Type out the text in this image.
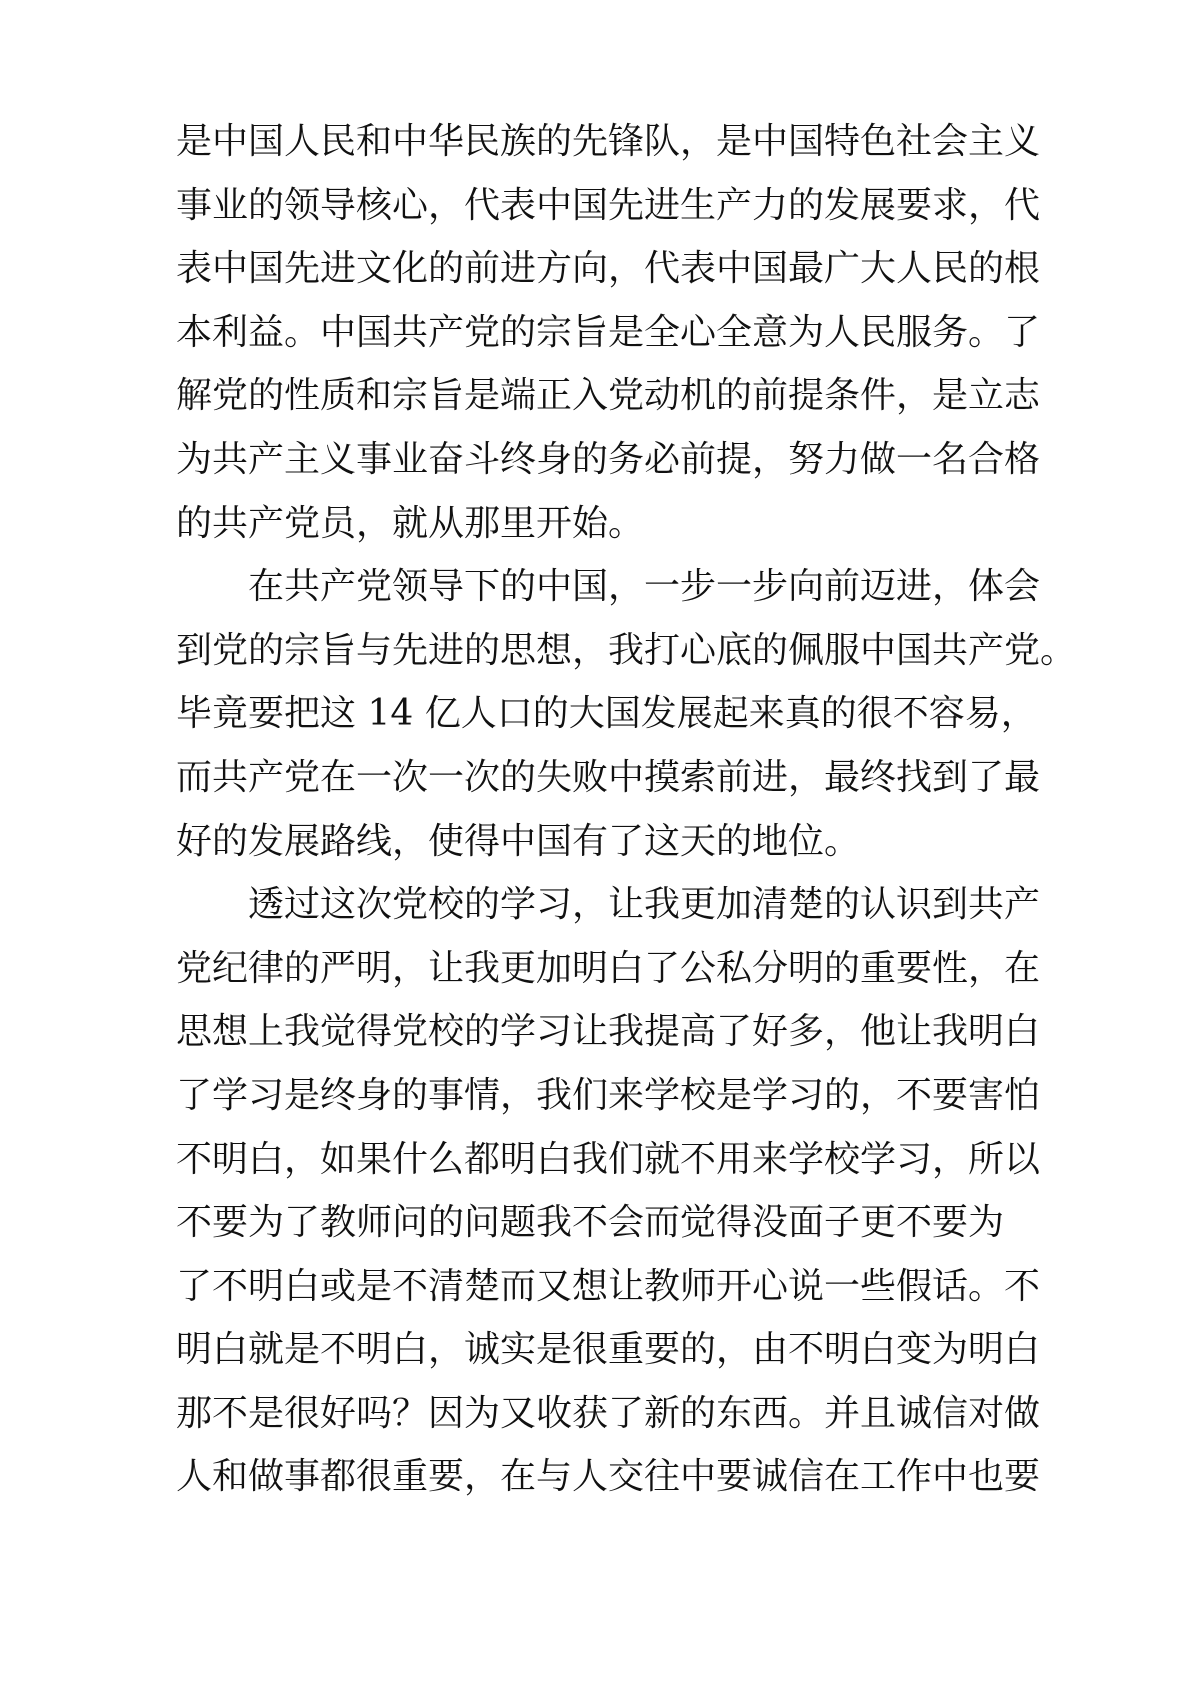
是中国人民和中华民族的先锋队，是中国特色社会主义
事业的领导核心，代表中国先进生产力的发展要求，代
表中国先进文化的前进方向，代表中国最广大人民的根
本利益。中国共产党的宗旨是全心全意为人民服务。了
解党的性质和宗旨是端正入党动机的前提条件，是立志
为共产主义事业奋斗终身的务必前提，努力做一名合格
的共产党员，就从那里开始。
在共产党领导下的中国，一步一步向前迈进，体会
到党的宗旨与先进的思想，我打心底的佩服中国共产党。
毕竟要把这 14 亿人口的大国发展起来真的很不容易，
而共产党在一次一次的失败中摸索前进，最终找到了最
好的发展路线，使得中国有了这天的地位。
透过这次党校的学习，让我更加清楚的认识到共产
党纪律的严明，让我更加明白了公私分明的重要性，在
思想上我觉得党校的学习让我提高了好多，他让我明白
了学习是终身的事情，我们来学校是学习的，不要害怕
不明白，如果什么都明白我们就不用来学校学习，所以
不要为了教师问的问题我不会而觉得没面子更不要为
了不明白或是不清楚而又想让教师开心说一些假话。不
明白就是不明白，诚实是很重要的，由不明白变为明白
那不是很好吗？因为又收获了新的东西。并且诚信对做
人和做事都很重要，在与人交往中要诚信在工作中也要
